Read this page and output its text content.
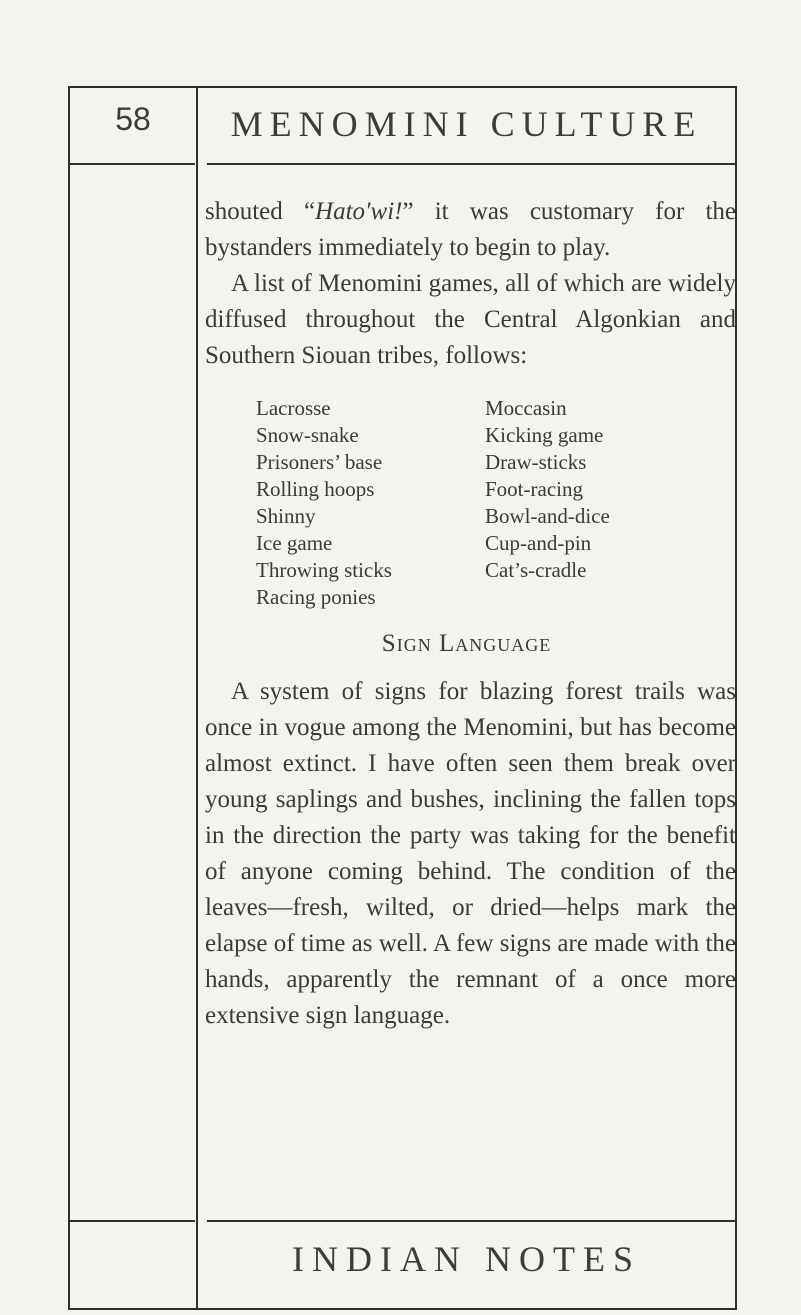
58	MENOMINI CULTURE

shouted “Hato′wi!” it was customary for the bystanders immediately to begin to play.

A list of Menomini games, all of which are widely diffused throughout the Central Algonkian and Southern Siouan tribes, follows:

Lacrosse
Snow-snake
Prisoners’ base
Rolling hoops
Shinny
Ice game
Throwing sticks
Racing ponies
Moccasin
Kicking game
Draw-sticks
Foot-racing
Bowl-and-dice
Cup-and-pin
Cat’s-cradle
Sign Language

A system of signs for blazing forest trails was once in vogue among the Menomini, but has become almost extinct. I have often seen them break over young saplings and bushes, inclining the fallen tops in the direction the party was taking for the benefit of anyone coming behind. The condition of the leaves—fresh, wilted, or dried—helps mark the elapse of time as well. A few signs are made with the hands, apparently the remnant of a once more extensive sign language.

INDIAN NOTES
